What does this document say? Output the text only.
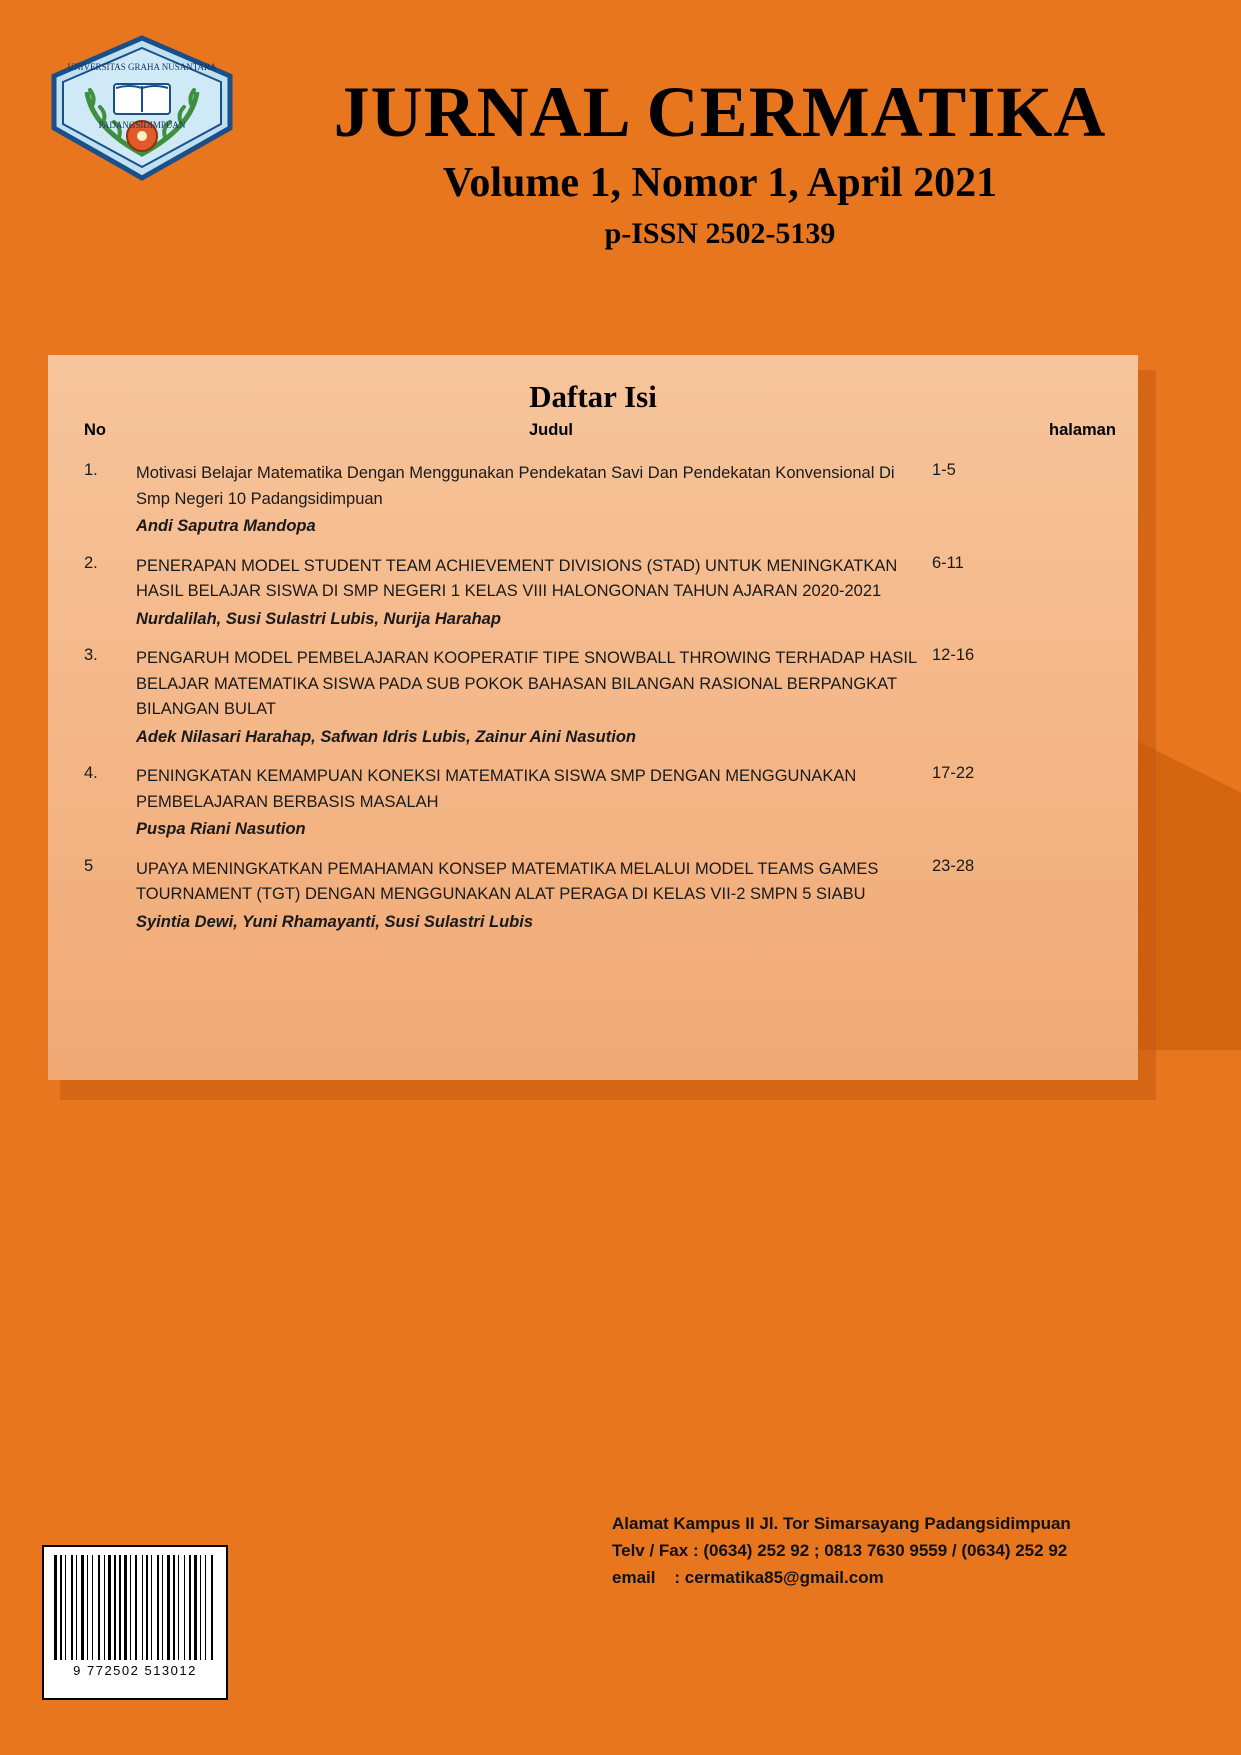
UNIVERSITAS GRAHA NUSANTARA
PADANGSIDIMPUAN	JURNAL CERMATIKA
Volume 1, Nomor 1, April 2021
p-ISSN 2502-5139
Daftar Isi
No	Judul	halaman
1.	Motivasi Belajar Matematika Dengan Menggunakan Pendekatan Savi Dan Pendekatan Konvensional Di Smp Negeri 10 Padangsidimpuan
Andi Saputra Mandopa
1-5
2.	PENERAPAN MODEL STUDENT TEAM ACHIEVEMENT DIVISIONS (STAD) UNTUK MENINGKATKAN HASIL BELAJAR SISWA DI SMP NEGERI 1 KELAS VIII HALONGONAN TAHUN AJARAN 2020-2021
Nurdalilah, Susi Sulastri Lubis, Nurija Harahap
6-11
3.	PENGARUH MODEL PEMBELAJARAN KOOPERATIF TIPE SNOWBALL THROWING TERHADAP HASIL BELAJAR MATEMATIKA SISWA PADA SUB POKOK BAHASAN BILANGAN RASIONAL BERPANGKAT BILANGAN BULAT
Adek Nilasari Harahap, Safwan Idris Lubis, Zainur Aini Nasution
12-16
4.	PENINGKATAN KEMAMPUAN KONEKSI MATEMATIKA SISWA SMP DENGAN MENGGUNAKAN PEMBELAJARAN BERBASIS MASALAH
Puspa Riani Nasution
17-22
5	UPAYA MENINGKATKAN PEMAHAMAN KONSEP MATEMATIKA MELALUI MODEL TEAMS GAMES TOURNAMENT (TGT) DENGAN MENGGUNAKAN ALAT PERAGA DI KELAS VII-2 SMPN 5 SIABU
Syintia Dewi, Yuni Rhamayanti, Susi Sulastri Lubis
23-28
Alamat Kampus II Jl. Tor Simarsayang Padangsidimpuan
Telv / Fax : (0634) 252 92 ; 0813 7630 9559 / (0634) 252 92
email    : cermatika85@gmail.com
9 772502 513012
